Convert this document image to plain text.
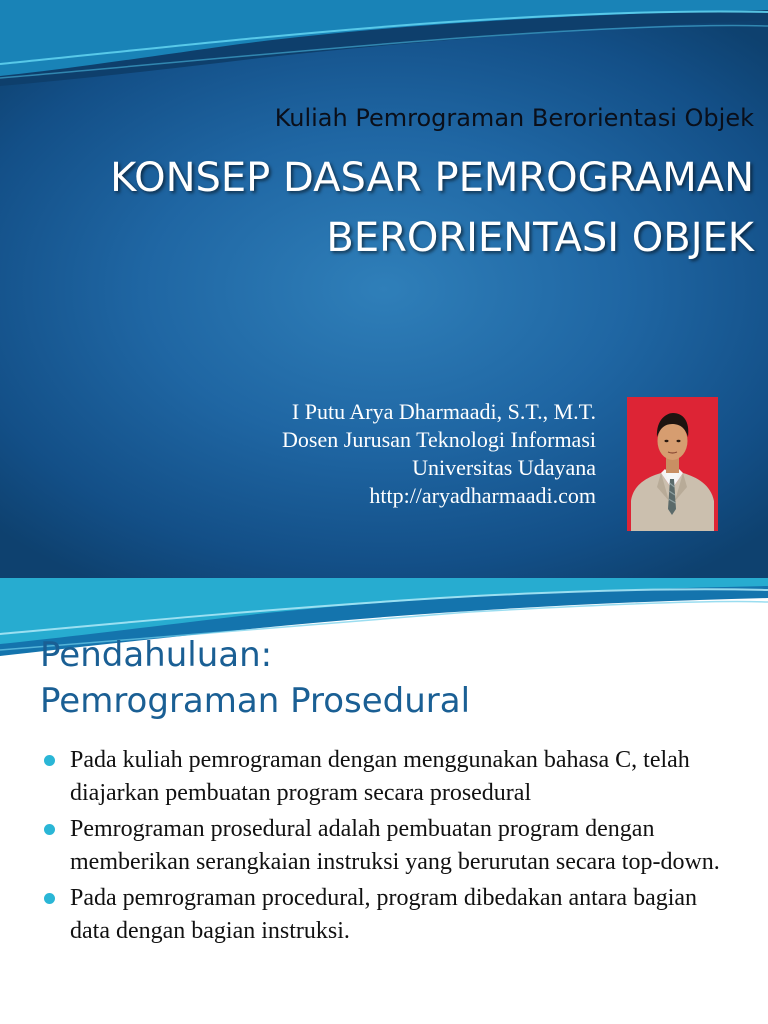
Kuliah Pemrograman Berorientasi Objek
KONSEP DASAR PEMROGRAMAN
BERORIENTASI OBJEK
I Putu Arya Dharmaadi, S.T., M.T.
Dosen Jurusan Teknologi Informasi
Universitas Udayana
http://aryadharmaadi.com
Pendahuluan:
Pemrograman Prosedural
Pada kuliah pemrograman dengan menggunakan bahasa C, telah diajarkan pembuatan program secara prosedural
Pemrograman prosedural adalah pembuatan program dengan memberikan serangkaian instruksi yang berurutan secara top-down.
Pada pemrograman procedural, program dibedakan antara bagian data dengan bagian instruksi.
